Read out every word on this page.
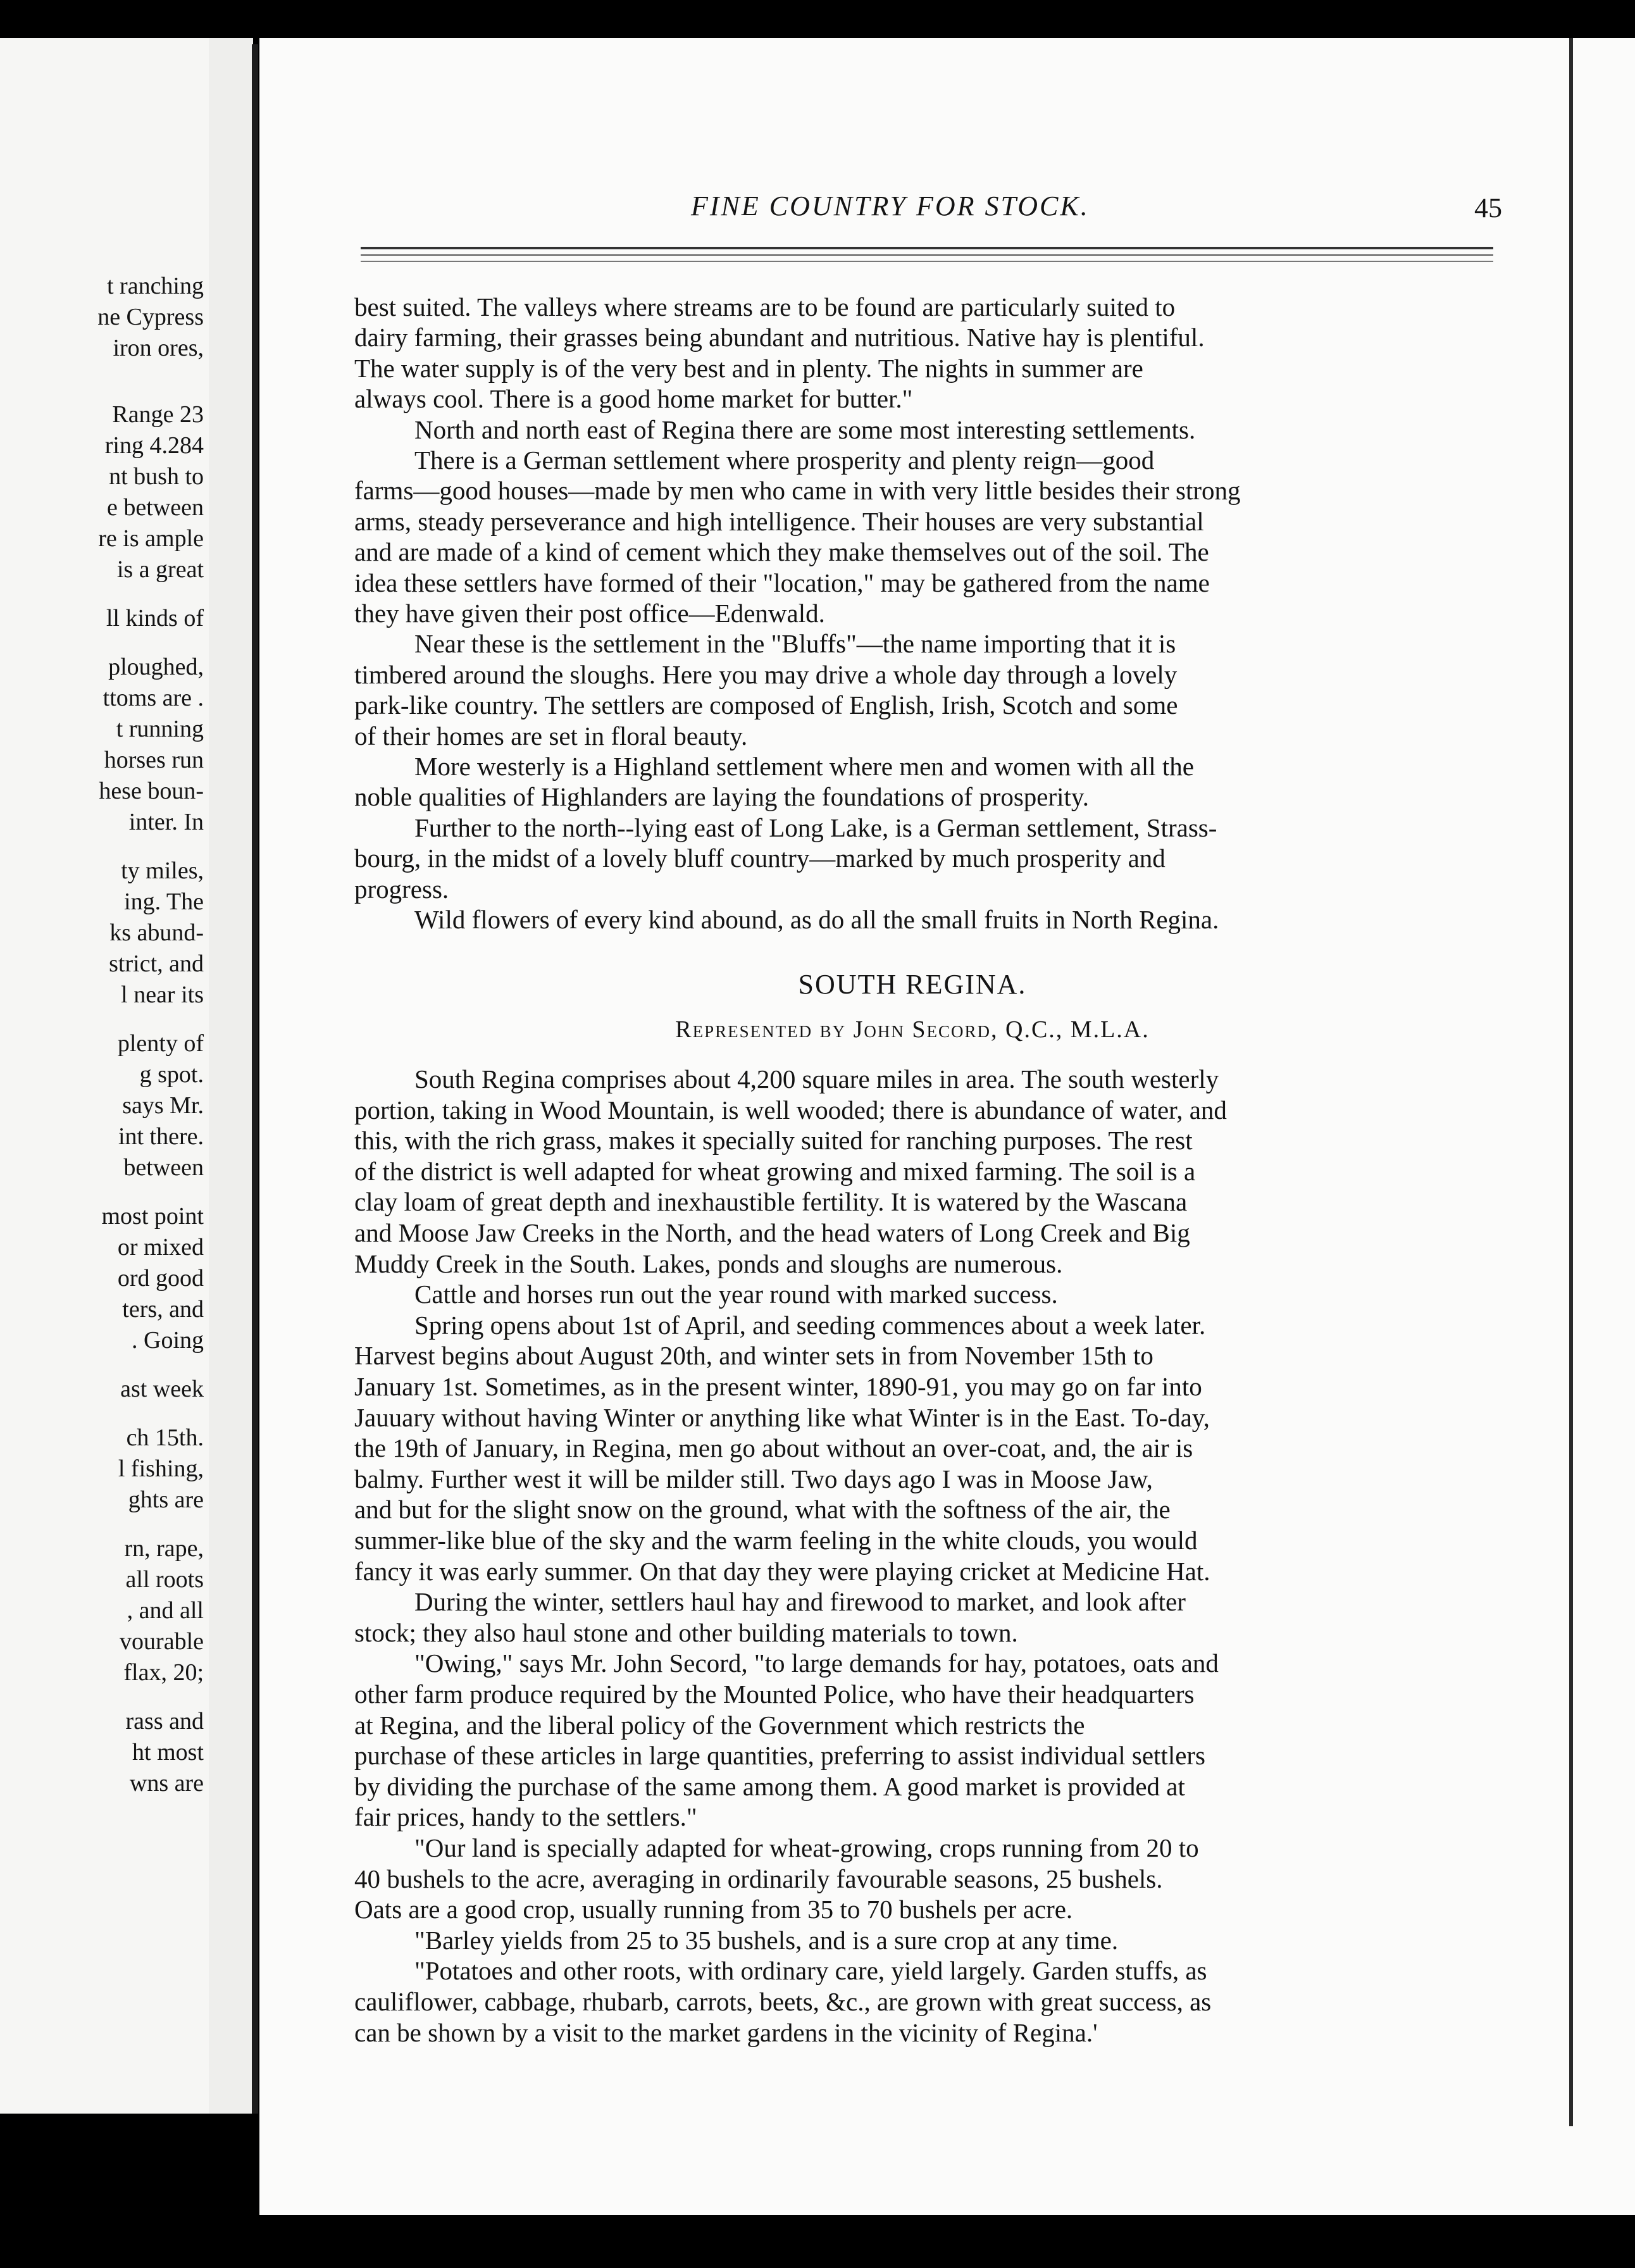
t ranching
ne Cypress
iron ores,
Range 23
ring 4.284
nt bush to
e between
re is ample
is a great
ll kinds of
ploughed,
ttoms are .
t running
horses run
hese boun-
inter. In
ty miles,
ing. The
ks abund-
strict, and
l near its
plenty of
g spot.
says Mr.
int there.
between
most point
or mixed
ord good
ters, and
. Going
ast week
ch 15th.
l fishing,
ghts are
rn, rape,
all roots
, and all
vourable
flax, 20;
rass and
ht most
wns are
FINE COUNTRY FOR STOCK.	45
best suited. The valleys where streams are to be found are particularly suited to
dairy farming, their grasses being abundant and nutritious. Native hay is plentiful.
The water supply is of the very best and in plenty. The nights in summer are
always cool. There is a good home market for butter."
North and north east of Regina there are some most interesting settlements.
There is a German settlement where prosperity and plenty reign—good
farms—good houses—made by men who came in with very little besides their strong
arms, steady perseverance and high intelligence. Their houses are very substantial
and are made of a kind of cement which they make themselves out of the soil. The
idea these settlers have formed of their "location," may be gathered from the name
they have given their post office—Edenwald.
Near these is the settlement in the "Bluffs"—the name importing that it is
timbered around the sloughs. Here you may drive a whole day through a lovely
park-like country. The settlers are composed of English, Irish, Scotch and some
of their homes are set in floral beauty.
More westerly is a Highland settlement where men and women with all the
noble qualities of Highlanders are laying the foundations of prosperity.
Further to the north--lying east of Long Lake, is a German settlement, Strass-
bourg, in the midst of a lovely bluff country—marked by much prosperity and
progress.
Wild flowers of every kind abound, as do all the small fruits in North Regina.
SOUTH REGINA.
Represented by John Secord, Q.C., M.L.A.
South Regina comprises about 4,200 square miles in area. The south westerly
portion, taking in Wood Mountain, is well wooded; there is abundance of water, and
this, with the rich grass, makes it specially suited for ranching purposes. The rest
of the district is well adapted for wheat growing and mixed farming. The soil is a
clay loam of great depth and inexhaustible fertility. It is watered by the Wascana
and Moose Jaw Creeks in the North, and the head waters of Long Creek and Big
Muddy Creek in the South. Lakes, ponds and sloughs are numerous.
Cattle and horses run out the year round with marked success.
Spring opens about 1st of April, and seeding commences about a week later.
Harvest begins about August 20th, and winter sets in from November 15th to
January 1st. Sometimes, as in the present winter, 1890-91, you may go on far into
Jauuary without having Winter or anything like what Winter is in the East. To-day,
the 19th of January, in Regina, men go about without an over-coat, and, the air is
balmy. Further west it will be milder still. Two days ago I was in Moose Jaw,
and but for the slight snow on the ground, what with the softness of the air, the
summer-like blue of the sky and the warm feeling in the white clouds, you would
fancy it was early summer. On that day they were playing cricket at Medicine Hat.
During the winter, settlers haul hay and firewood to market, and look after
stock; they also haul stone and other building materials to town.
"Owing," says Mr. John Secord, "to large demands for hay, potatoes, oats and
other farm produce required by the Mounted Police, who have their headquarters
at Regina, and the liberal policy of the Government which restricts the
purchase of these articles in large quantities, preferring to assist individual settlers
by dividing the purchase of the same among them. A good market is provided at
fair prices, handy to the settlers."
"Our land is specially adapted for wheat-growing, crops running from 20 to
40 bushels to the acre, averaging in ordinarily favourable seasons, 25 bushels.
Oats are a good crop, usually running from 35 to 70 bushels per acre.
"Barley yields from 25 to 35 bushels, and is a sure crop at any time.
"Potatoes and other roots, with ordinary care, yield largely. Garden stuffs, as
cauliflower, cabbage, rhubarb, carrots, beets, &c., are grown with great success, as
can be shown by a visit to the market gardens in the vicinity of Regina.'
